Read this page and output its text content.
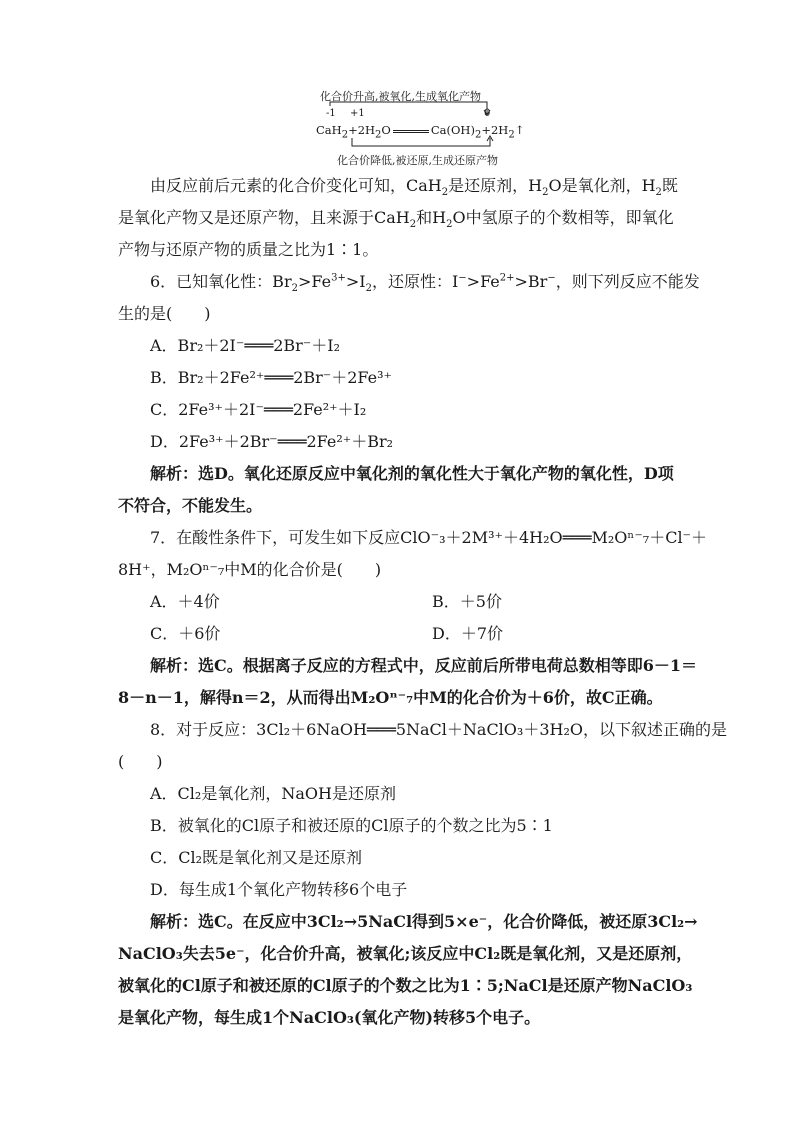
化合价升高,被氧化,生成氧化产物
-1 +1	0
$CaH_2+2H_2O$	$Ca(OH)_2+2H_2↑$
化合价降低,被还原,生成还原产物
由反应前后元素的化合价变化可知，CaH$_2$是还原剂，$H_2O$是氧化剂，$H_2$既
是氧化产物又是还原产物，且来源于CaH$_2$和$H_2O$中氢原子的个数相等，即氧化
产物与还原产物的质量之比为1∶1。
6．已知氧化性：$Br_2>Fe^{3+}>I_2$，还原性：$I^->Fe^{2+}>Br^-$，则下列反应不能发
生的是(　　)
A．Br₂＋2I⁻═══2Br⁻＋I₂
B．Br₂＋2Fe²⁺═══2Br⁻＋2Fe³⁺
C．2Fe³⁺＋2I⁻═══2Fe²⁺＋I₂
D．2Fe³⁺＋2Br⁻═══2Fe²⁺＋Br₂
解析：选D。氧化还原反应中氧化剂的氧化性大于氧化产物的氧化性，D项
不符合，不能发生。
7．在酸性条件下，可发生如下反应ClO⁻₃＋2M³⁺＋4H₂O═══M₂Oⁿ⁻₇＋Cl⁻＋
8H⁺，M₂Oⁿ⁻₇中M的化合价是(　　)
A．＋4价	B．＋5价
C．＋6价	D．＋7价
解析：选C。根据离子反应的方程式中，反应前后所带电荷总数相等即6－1＝
8－n－1，解得n＝2，从而得出M₂Oⁿ⁻₇中M的化合价为＋6价，故C正确。
8．对于反应：3Cl₂＋6NaOH═══5NaCl＋NaClO₃＋3H₂O，以下叙述正确的是
(　　)
A．Cl₂是氧化剂，NaOH是还原剂
B．被氧化的Cl原子和被还原的Cl原子的个数之比为5∶1
C．Cl₂既是氧化剂又是还原剂
D．每生成1个氧化产物转移6个电子
解析：选C。在反应中3Cl₂→5NaCl得到5×e⁻，化合价降低，被还原3Cl₂→
NaClO₃失去5e⁻，化合价升高，被氧化;该反应中Cl₂既是氧化剂，又是还原剂，
被氧化的Cl原子和被还原的Cl原子的个数之比为1∶5;NaCl是还原产物NaClO₃
是氧化产物，每生成1个NaClO₃(氧化产物)转移5个电子。
